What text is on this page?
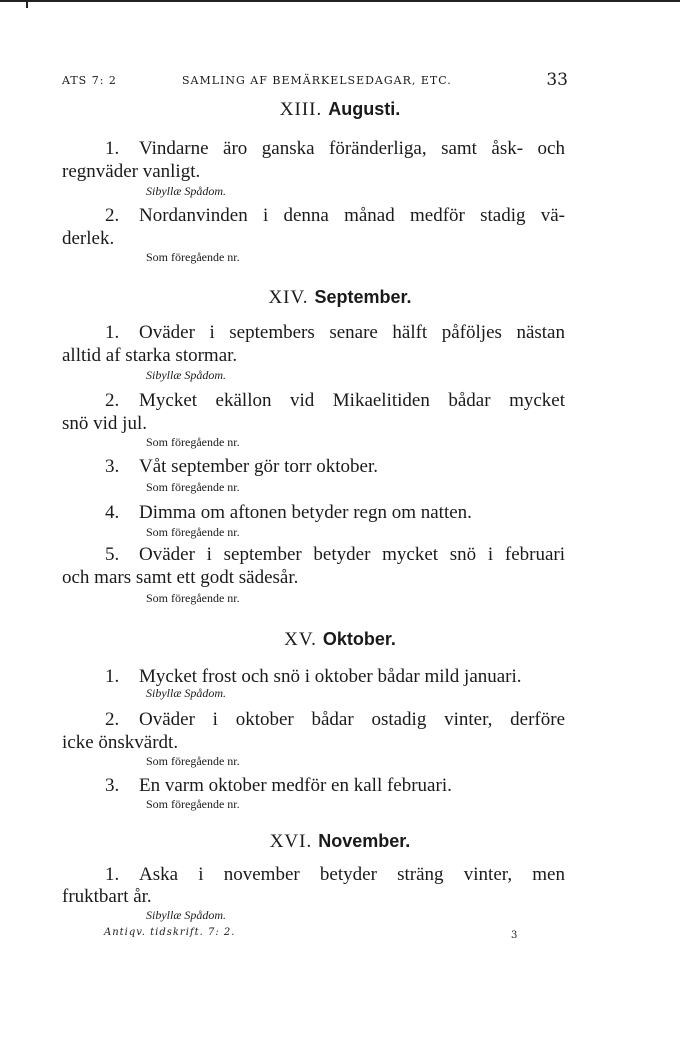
ATS 7: 2	SAMLING AF BEMÄRKELSEDAGAR, ETC.	33
XIII. Augusti.
1. Vindarne äro ganska föränderliga, samt åsk- och
regnväder vanligt.
Sibyllæ Spådom.
2. Nordanvinden i denna månad medför stadig vä-
derlek.
Som föregående nr.
XIV. September.
1. Oväder i septembers senare hälft påföljes nästan
alltid af starka stormar.
Sibyllæ Spådom.
2. Mycket ekällon vid Mikaelitiden bådar mycket
snö vid jul.
Som föregående nr.
3. Våt september gör torr oktober.
Som föregående nr.
4. Dimma om aftonen betyder regn om natten.
Som föregående nr.
5. Oväder i september betyder mycket snö i februari
och mars samt ett godt sädesår.
Som föregående nr.
XV. Oktober.
1. Mycket frost och snö i oktober bådar mild januari.
Sibyllæ Spådom.
2. Oväder i oktober bådar ostadig vinter, derföre
icke önskvärdt.
Som föregående nr.
3. En varm oktober medför en kall februari.
Som föregående nr.
XVI. November.
1. Aska i november betyder sträng vinter, men
fruktbart år.
Sibyllæ Spådom.
Antiqv. tidskrift. 7: 2.	3
